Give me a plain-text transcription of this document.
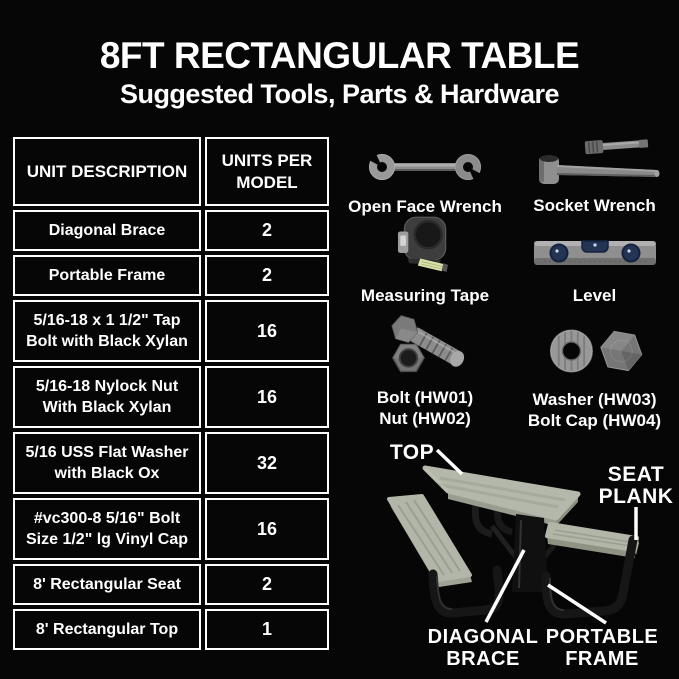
8FT RECTANGULAR TABLE
Suggested Tools, Parts & Hardware
UNIT DESCRIPTION	UNITS PER MODEL
Diagonal Brace	2
Portable Frame	2
5/16-18 x 1 1/2" Tap Bolt with Black Xylan	16
5/16-18 Nylock Nut With Black Xylan	16
5/16 USS Flat Washer with Black Ox	32
#vc300-8 5/16" Bolt Size 1/2" lg Vinyl Cap	16
8' Rectangular Seat	2
8' Rectangular Top	1
Open Face Wrench Socket Wrench
Measuring Tape	Level
Bolt (HW01)
Nut (HW02)
Washer (HW03)
Bolt Cap (HW04)
TOP
SEAT
PLANK
DIAGONAL
BRACE
PORTABLE
FRAME
